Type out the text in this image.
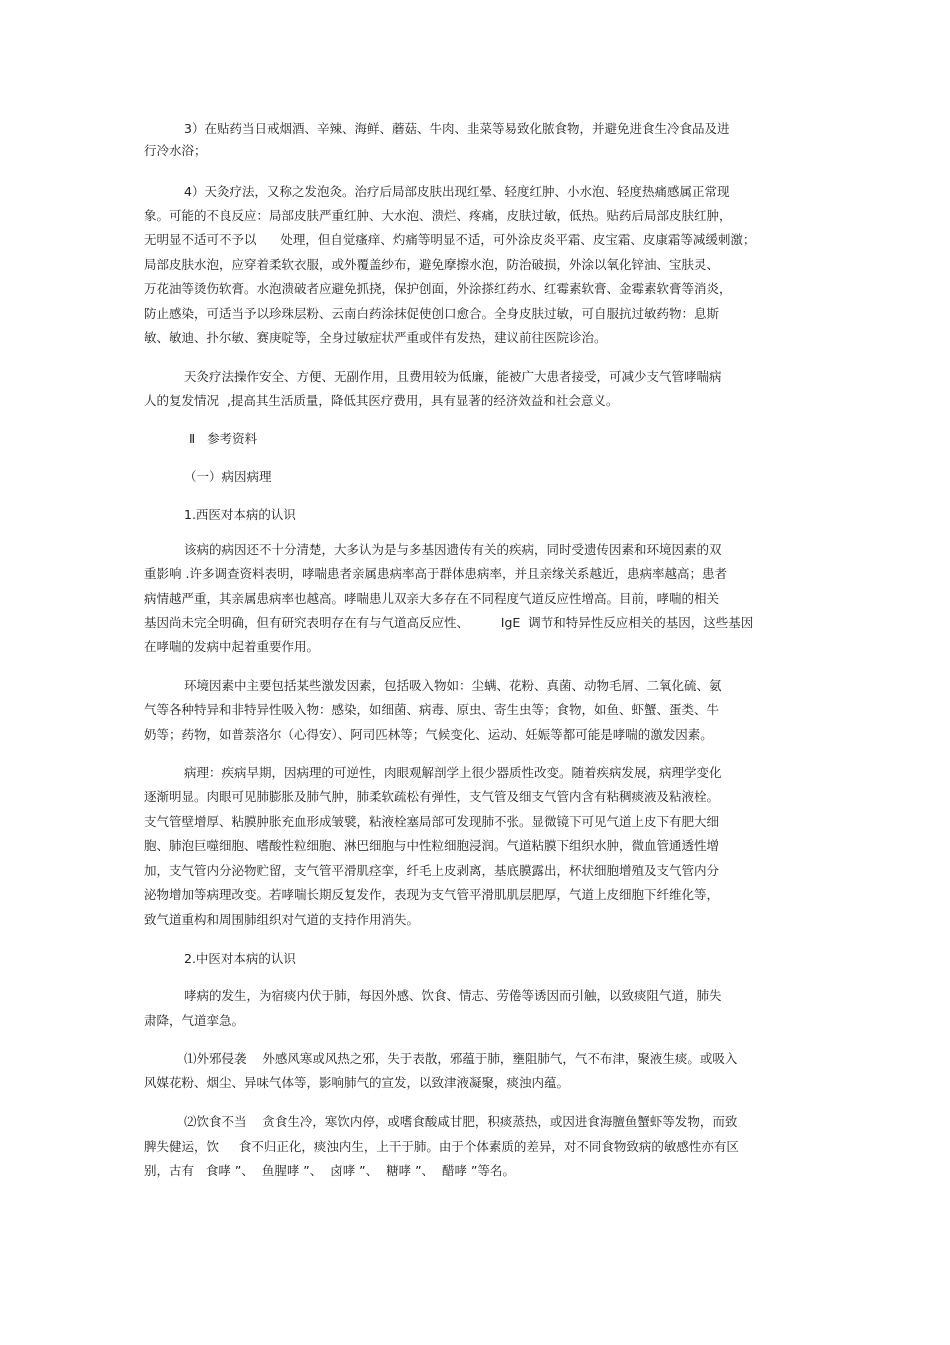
3）在贴药当日戒烟酒、辛辣、海鲜、蘑菇、牛肉、韭菜等易致化脓食物，并避免进食生冷食品及进
行冷水浴；
4）天灸疗法，又称之发泡灸。治疗后局部皮肤出现红晕、轻度红肿、小水泡、轻度热痛感属正常现
象。可能的不良反应：局部皮肤严重红肿、大水泡、溃烂、疼痛，皮肤过敏，低热。贴药后局部皮肤红肿，
无明显不适可不予以      处理，但自觉瘙痒、灼痛等明显不适，可外涂皮炎平霜、皮宝霜、皮康霜等减缓刺激；
局部皮肤水泡，应穿着柔软衣服，或外覆盖纱布，避免摩擦水泡，防治破损，外涂以氧化锌油、宝肤灵、
万花油等烫伤软膏。水泡溃破者应避免抓挠，保护创面，外涂搽红药水、红霉素软膏、金霉素软膏等消炎，
防止感染，可适当予以珍珠层粉、云南白药涂抹促使创口愈合。全身皮肤过敏，可自服抗过敏药物：息斯
敏、敏迪、扑尔敏、赛庚啶等，全身过敏症状严重或伴有发热，建议前往医院诊治。
天灸疗法操作安全、方便、无副作用，且费用较为低廉，能被广大患者接受，可减少支气管哮喘病
人的复发情况  ,提高其生活质量，降低其医疗费用，具有显著的经济效益和社会意义。
Ⅱ   参考资料
（一）病因病理
1.西医对本病的认识
该病的病因还不十分清楚，大多认为是与多基因遗传有关的疾病，同时受遗传因素和环境因素的双
重影响 .许多调查资料表明，哮喘患者亲属患病率高于群体患病率，并且亲缘关系越近，患病率越高；患者
病情越严重，其亲属患病率也越高。哮喘患儿双亲大多存在不同程度气道反应性增高。目前，哮喘的相关
基因尚未完全明确，但有研究表明存在有与气道高反应性、        IgE  调节和特异性反应相关的基因，这些基因
在哮喘的发病中起着重要作用。
环境因素中主要包括某些激发因素，包括吸入物如：尘螨、花粉、真菌、动物毛屑、二氧化硫、氨
气等各种特异和非特异性吸入物：感染，如细菌、病毒、原虫、寄生虫等；食物，如鱼、虾蟹、蛋类、牛
奶等；药物，如普萘洛尔（心得安）、阿司匹林等；气候变化、运动、妊娠等都可能是哮喘的激发因素。
病理：疾病早期，因病理的可逆性，肉眼观解剖学上很少器质性改变。随着疾病发展，病理学变化
逐渐明显。肉眼可见肺膨胀及肺气肿，肺柔软疏松有弹性，支气管及细支气管内含有粘稠痰液及粘液栓。
支气管壁增厚、粘膜肿胀充血形成皱襞，粘液栓塞局部可发现肺不张。显微镜下可见气道上皮下有肥大细
胞、肺泡巨噬细胞、嗜酸性粒细胞、淋巴细胞与中性粒细胞浸润。气道粘膜下组织水肿，微血管通透性增
加，支气管内分泌物贮留，支气管平滑肌痉挛，纤毛上皮剥离，基底膜露出，杯状细胞增殖及支气管内分
泌物增加等病理改变。若哮喘长期反复发作，表现为支气管平滑肌肌层肥厚，气道上皮细胞下纤维化等，
致气道重构和周围肺组织对气道的支持作用消失。
2.中医对本病的认识
哮病的发生，为宿痰内伏于肺，每因外感、饮食、情志、劳倦等诱因而引触，以致痰阻气道，肺失
肃降，气道挛急。
⑴外邪侵袭    外感风寒或风热之邪，失于表散，邪蕴于肺，壅阻肺气，气不布津，聚液生痰。或吸入
风媒花粉、烟尘、异味气体等，影响肺气的宣发，以致津液凝聚，痰浊内蕴。
⑵饮食不当    贪食生冷，寒饮内停，或嗜食酸咸甘肥，积痰蒸热，或因进食海膻鱼蟹虾等发物，而致
脾失健运，饮     食不归正化，痰浊内生，上干于肺。由于个体素质的差异，对不同食物致病的敏感性亦有区
别，古有   食哮 ”、  鱼腥哮 ”、  卤哮 ”、  糖哮 ”、  醋哮 ”等名。
